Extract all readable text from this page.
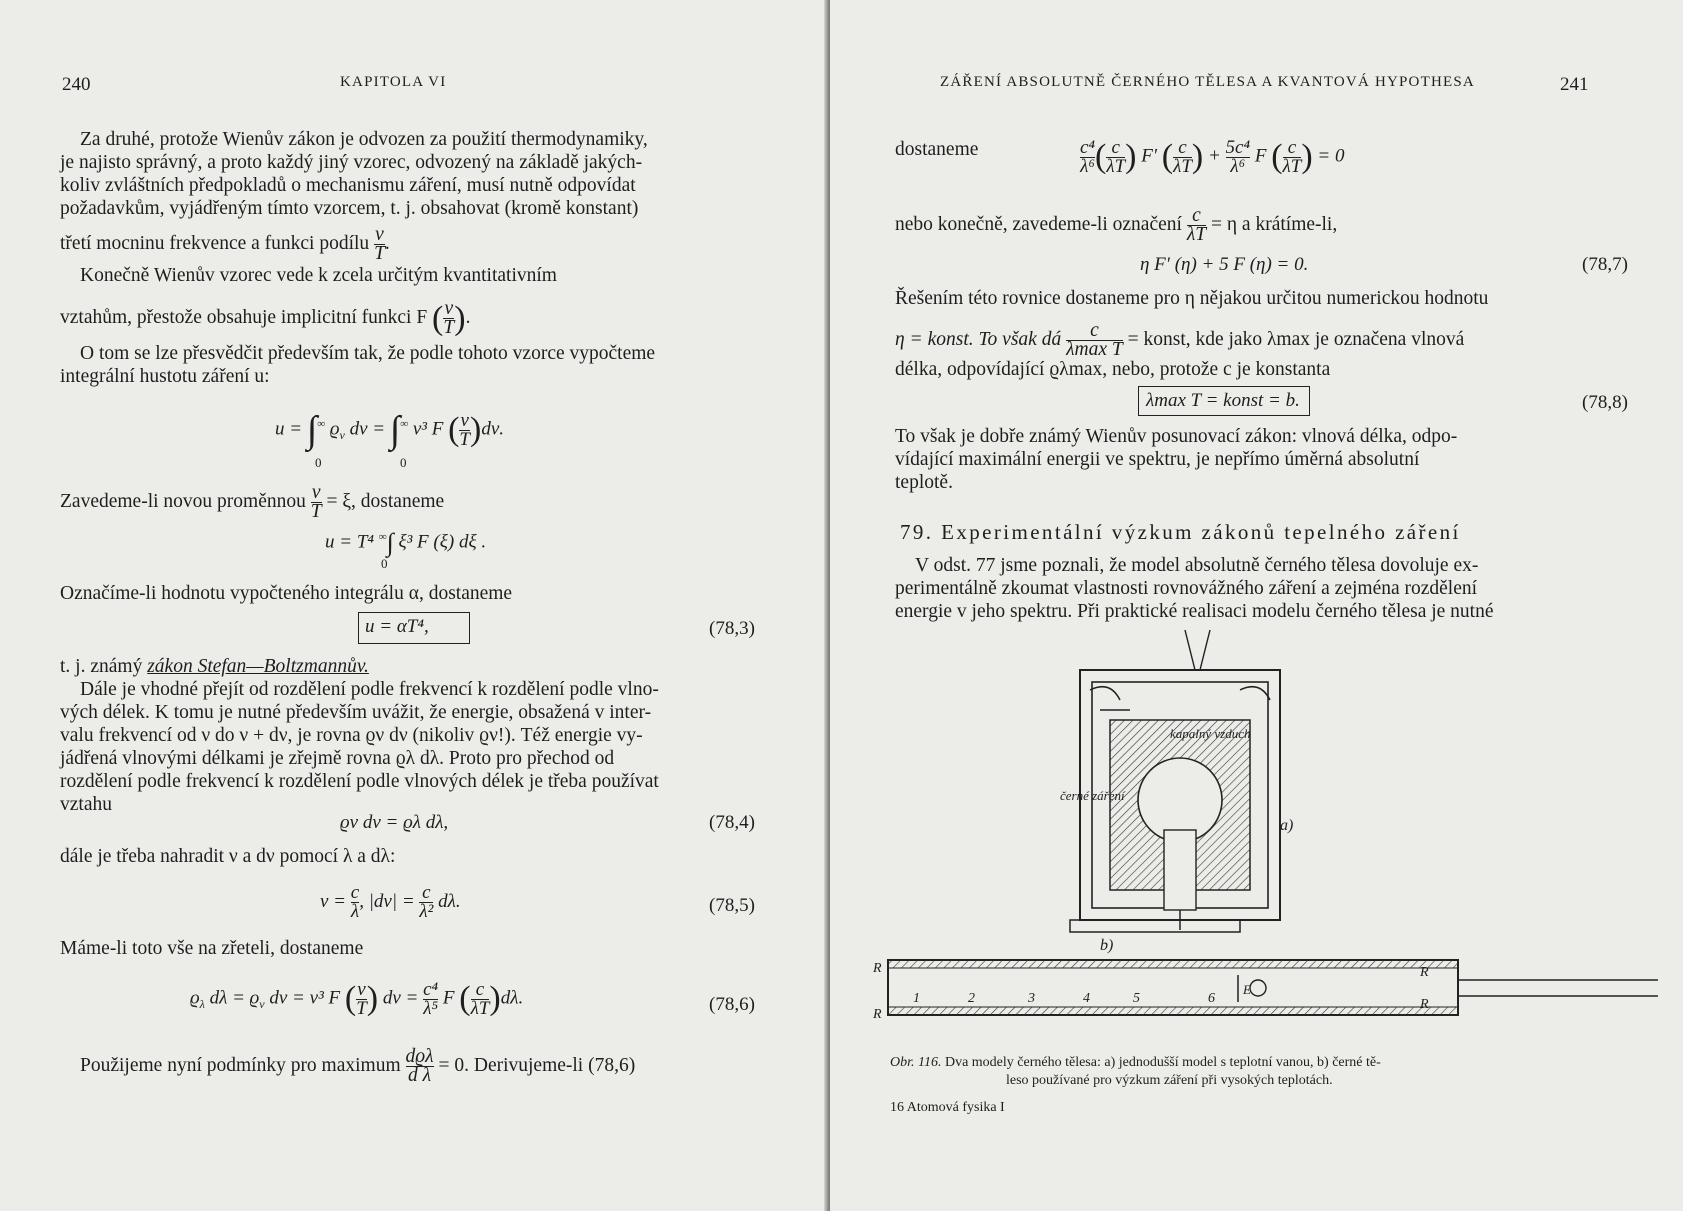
240	KAPITOLA VI
Za druhé, protože Wienův zákon je odvozen za použití thermodynamiky,
je najisto správný, a proto každý jiný vzorec, odvozený na základě jakých-
koliv zvláštních předpokladů o mechanismu záření, musí nutně odpovídat
požadavkům, vyjádřeným tímto vzorcem, t. j. obsahovat (kromě konstant)
třetí mocninu frekvence a funkci podílu $\frac{\nu}{T}$ .
Konečně Wienův vzorec vede k zcela určitým kvantitativním
vztahům, přestože obsahuje implicitní funkci F ( $\frac{\nu}{T}$ ).
O tom se lze přesvědčit především tak, že podle tohoto vzorce vypočteme
integrální hustotu záření u:
u = ∫∞ $ϱ_\nu$ dν = ∫∞ ν³ F ( $\frac{\nu}{T} )d\nu$.
0	0
Zavedeme-li novou proměnnou $\frac{\nu}{T} = \xi$, dostaneme
u = T⁴ ∞∫ ξ³ F (ξ) dξ .
0
Označíme-li hodnotu vypočteného integrálu α, dostaneme
u = αT⁴,	(78,3)
t. j. známý zákon Stefan—Boltzmannův.
Dále je vhodné přejít od rozdělení podle frekvencí k rozdělení podle vlno-
vých délek. K tomu je nutné především uvážit, že energie, obsažená v inter-
valu frekvencí od ν do ν + dν, je rovna ϱν dν (nikoliv ϱν!). Též energie vy-
jádřená vlnovými délkami je zřejmě rovna ϱλ dλ. Proto pro přechod od
rozdělení podle frekvencí k rozdělení podle vlnových délek je třeba používat
vztahu
ϱν dν = ϱλ dλ,	(78,4)
dále je třeba nahradit ν a dν pomocí λ a dλ:
$\nu = \frac{c}{\lambda}$ , $|d\nu| = \frac{c}{\text{λ²}} d\lambda$.	(78,5)
Máme-li toto vše na zřeteli, dostaneme
$ϱ_\lambda$ $d\lambda = ϱ_\nu$ dν = ν³ F ( $\frac{\nu}{T}$ ) $d\nu = \frac{\text{c⁴}}{\text{λ⁵}}$ F ( $\frac{c}{\lambda T} )d\lambda$.	(78,6)
Použijeme nyní podmínky pro maximum $\frac{\text{dϱλ}}{\text{d λ}} = 0$. Derivujeme-li (78,6)
ZÁŘENÍ ABSOLUTNĚ ČERNÉHO TĚLESA A KVANTOVÁ HYPOTHESA	241
dostaneme	$\frac{\text{c⁴}}{\text{λ⁶}}$ ( $\frac{c}{\lambda T}$ ) F′ ( $\frac{c}{\lambda T}$ ) + $\frac{\text{5c⁴}}{\text{λ⁶}}$ F ( $\frac{c}{\lambda T}$ ) = 0
nebo konečně, zavedeme-li označení $\frac{c}{\lambda T} = \eta$ a krátíme-li,
η F′ (η) + 5 F (η) = 0.	(78,7)
Řešením této rovnice dostaneme pro η nějakou určitou numerickou hodnotu
η = konst. To však dá $\frac{c}{\text{λmax T}}$ = konst, kde jako λmax je označena vlnová
délka, odpovídající ϱλmax, nebo, protože c je konstanta
λmax T = konst = b.	(78,8)
To však je dobře známý Wienův posunovací zákon: vlnová délka, odpo-
vídající maximální energii ve spektru, je nepřímo úměrná absolutní
teplotě.
79. Experimentální výzkum zákonů tepelného záření
V odst. 77 jsme poznali, že model absolutně černého tělesa dovoluje ex-
perimentálně zkoumat vlastnosti rovnovážného záření a zejména rozdělení
energie v jeho spektru. Při praktické realisaci modelu černého tělesa je nutné
kapalný vzduch
černé záření
a)
b)
R
R
R
R
E
1	2	3	4	5	6
Obr. 116. Dva modely černého tělesa: a) jednodušší model s teplotní vanou, b) černé tě-
leso používané pro výzkum záření při vysokých teplotách.
16 Atomová fysika I
